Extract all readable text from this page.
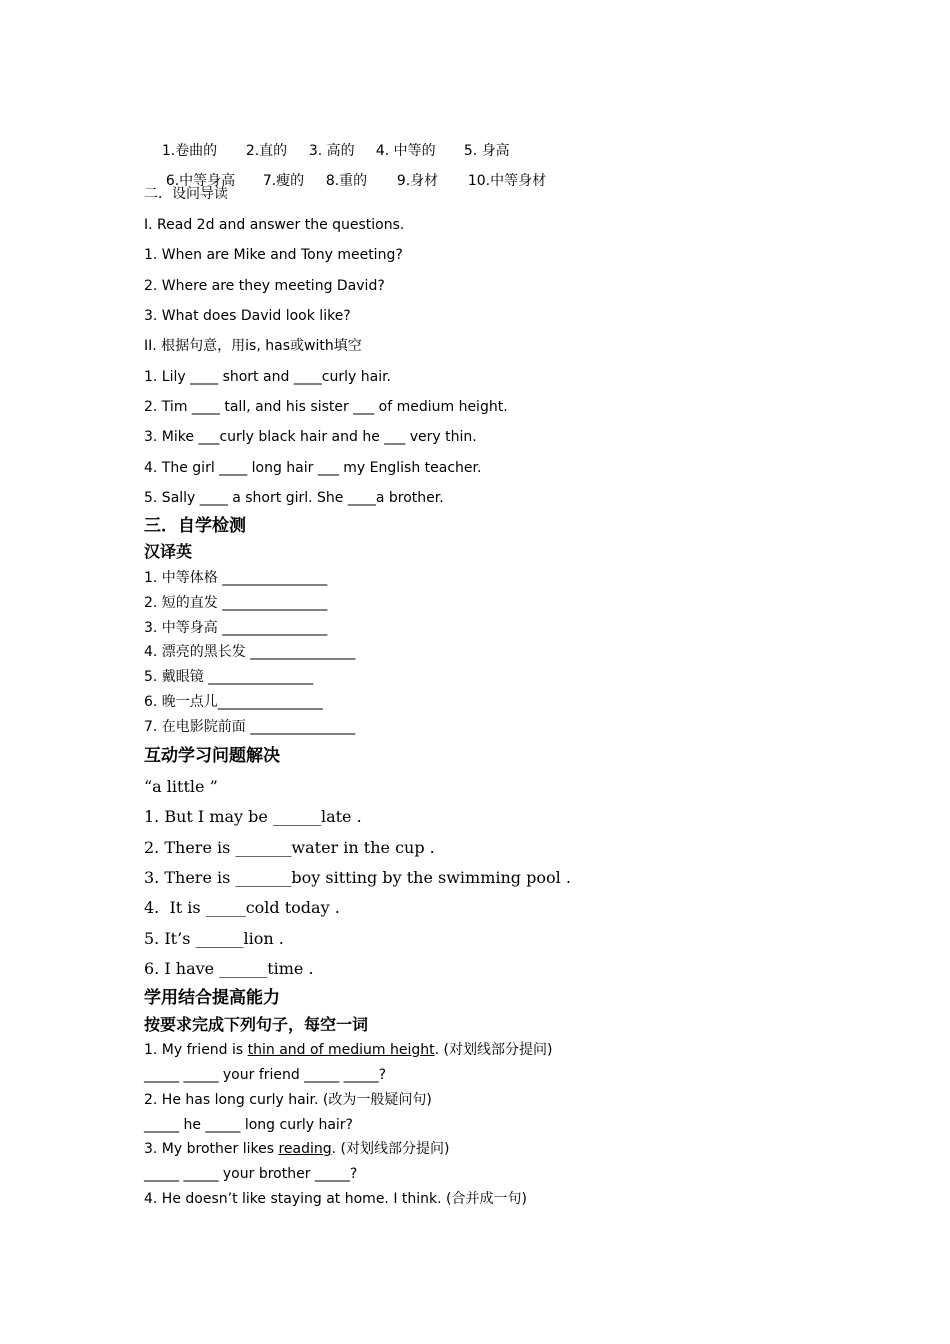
1.卷曲的 2.直的 3. 高的 4. 中等的 5. 身高

6.中等身高 7.瘦的 8.重的 9.身材 10.中等身材

二．设问导读
I. Read 2d and answer the questions.
1. When are Mike and Tony meeting?
2. Where are they meeting David?
3. What does David look like?
II. 根据句意，用is, has或with填空
1. Lily ____ short and ____curly hair.
2. Tim ____ tall, and his sister ___ of medium height.
3. Mike ___curly black hair and he ___ very thin.
4. The girl ____ long hair ___ my English teacher.
5. Sally ____ a short girl. She ____a brother.
三．自学检测
汉译英
1. 中等体格 _______________
2. 短的直发 _______________
3. 中等身高 _______________
4. 漂亮的黑长发 _______________
5. 戴眼镜 _______________
6. 晚一点儿_______________
7. 在电影院前面 _______________
互动学习问题解决
“a little ”
1. But I may be ______late .
2. There is _______water in the cup .
3. There is _______boy sitting by the swimming pool .
4.  It is _____cold today .
5. It’s ______lion .
6. I have ______time .
学用结合提高能力
按要求完成下列句子，每空一词
1. My friend is thin and of medium height. (对划线部分提问)
_____ _____ your friend _____ _____?
2. He has long curly hair. (改为一般疑问句)
_____ he _____ long curly hair?
3. My brother likes reading. (对划线部分提问)
_____ _____ your brother _____?
4. He doesn’t like staying at home. I think. (合并成一句)
